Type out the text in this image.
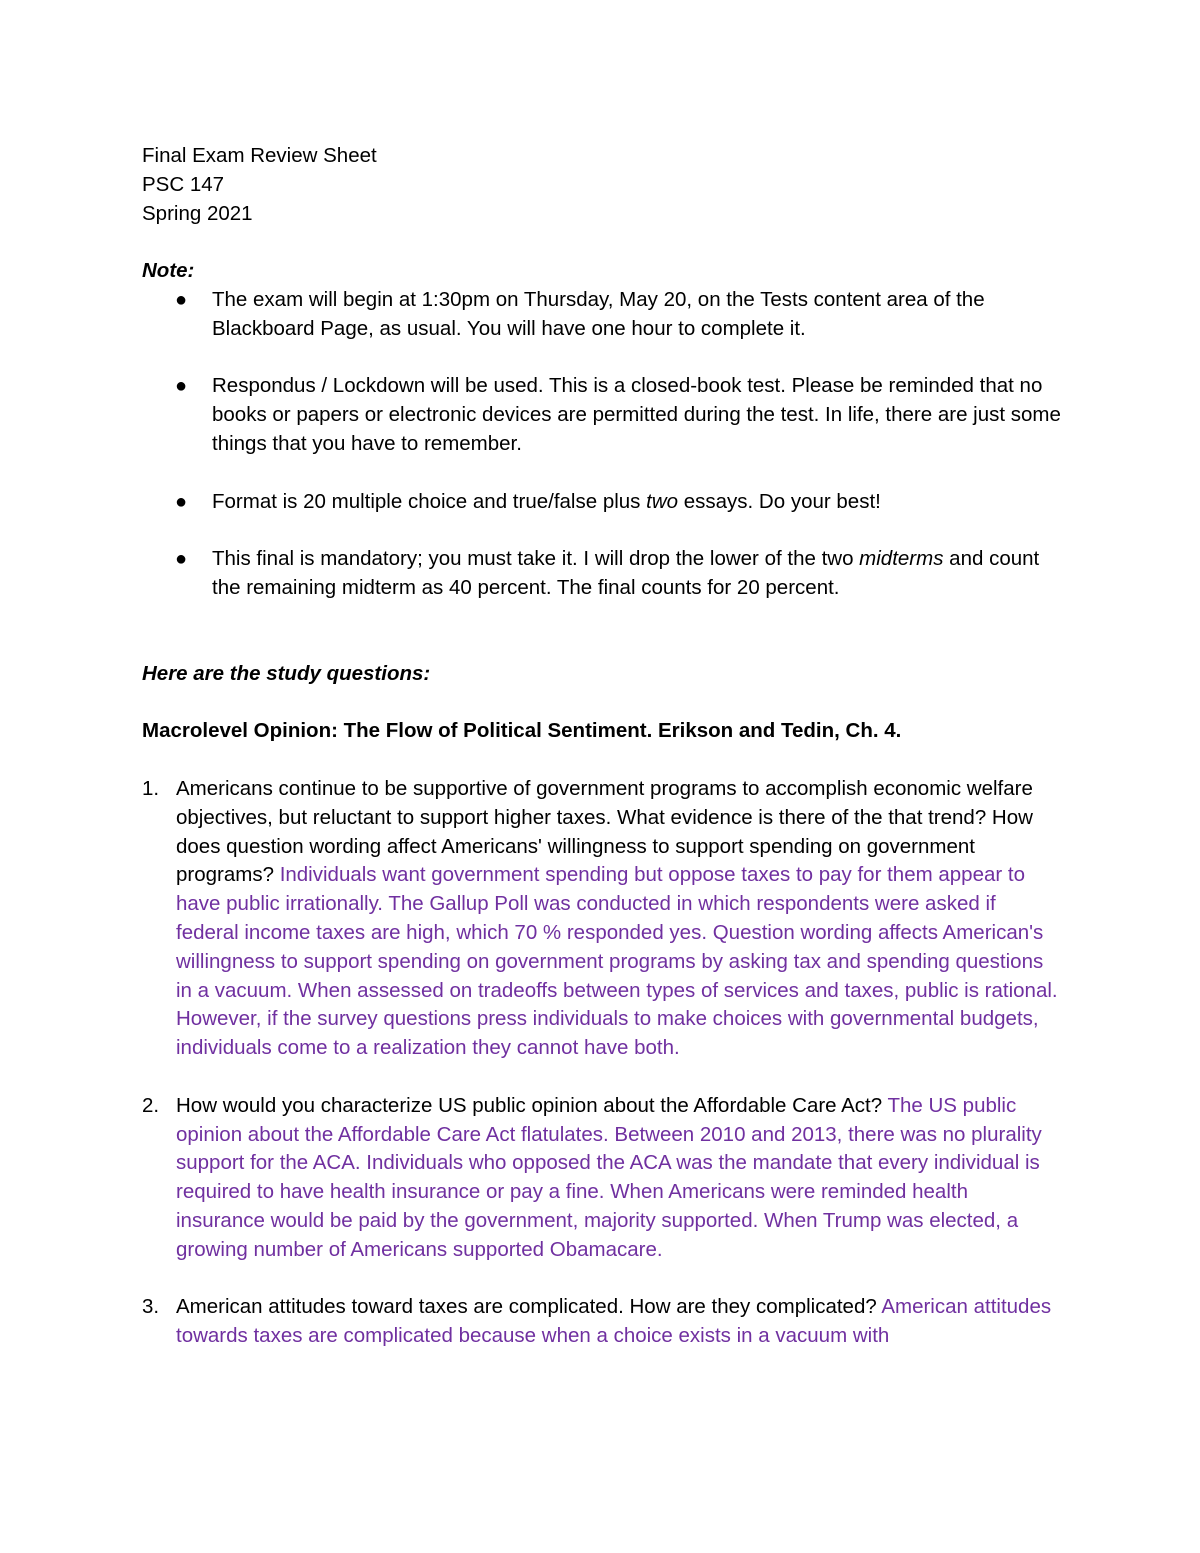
Final Exam Review Sheet

PSC 147

Spring 2021

Note:

● The exam will begin at 1:30pm on Thursday, May 20, on the Tests content area of the Blackboard Page, as usual. You will have one hour to complete it.
● Respondus / Lockdown will be used. This is a closed-book test. Please be reminded that no books or papers or electronic devices are permitted during the test. In life, there are just some things that you have to remember.
● Format is 20 multiple choice and true/false plus two essays. Do your best!
● This final is mandatory; you must take it. I will drop the lower of the two midterms and count the remaining midterm as 40 percent. The final counts for 20 percent.

Here are the study questions:

Macrolevel Opinion: The Flow of Political Sentiment. Erikson and Tedin, Ch. 4.

1. Americans continue to be supportive of government programs to accomplish economic welfare objectives, but reluctant to support higher taxes. What evidence is there of the that trend? How does question wording affect Americans' willingness to support spending on government programs? Individuals want government spending but oppose taxes to pay for them appear to have public irrationally. The Gallup Poll was conducted in which respondents were asked if federal income taxes are high, which 70 % responded yes. Question wording affects American's willingness to support spending on government programs by asking tax and spending questions in a vacuum. When assessed on tradeoffs between types of services and taxes, public is rational. However, if the survey questions press individuals to make choices with governmental budgets, individuals come to a realization they cannot have both.
2. How would you characterize US public opinion about the Affordable Care Act? The US public opinion about the Affordable Care Act flatulates. Between 2010 and 2013, there was no plurality support for the ACA. Individuals who opposed the ACA was the mandate that every individual is required to have health insurance or pay a fine. When Americans were reminded health insurance would be paid by the government, majority supported. When Trump was elected, a growing number of Americans supported Obamacare.
3. American attitudes toward taxes are complicated. How are they complicated? American attitudes towards taxes are complicated because when a choice exists in a vacuum with
